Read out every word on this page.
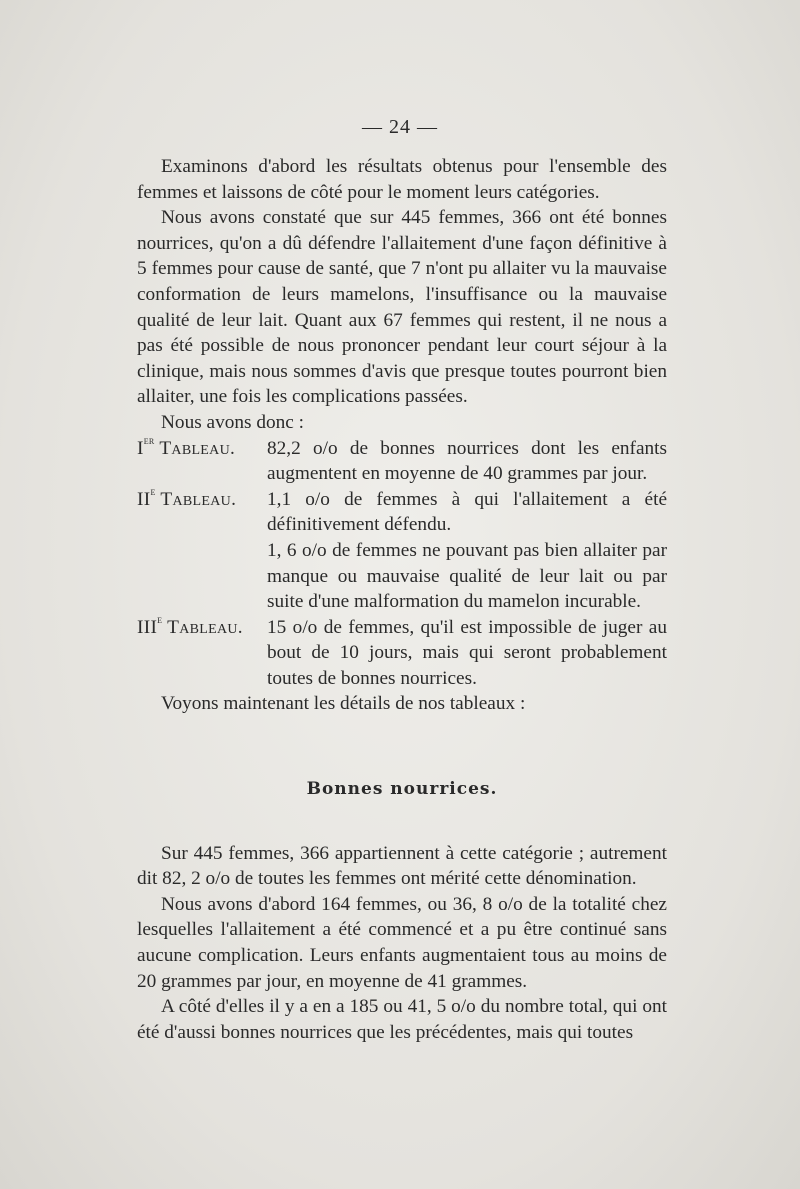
— 24 —
Examinons d'abord les résultats obtenus pour l'ensemble des femmes et laissons de côté pour le moment leurs catégories.
Nous avons constaté que sur 445 femmes, 366 ont été bonnes nourrices, qu'on a dû défendre l'allaitement d'une façon définitive à 5 femmes pour cause de santé, que 7 n'ont pu allaiter vu la mauvaise conformation de leurs mamelons, l'insuffisance ou la mauvaise qualité de leur lait. Quant aux 67 femmes qui restent, il ne nous a pas été possible de nous prononcer pendant leur court séjour à la clinique, mais nous sommes d'avis que presque toutes pourront bien allaiter, une fois les complications passées.
Nous avons donc :
Ier Tableau.	82,2 o/o de bonnes nourrices dont les enfants augmentent en moyenne de 40 grammes par jour.
IIe Tableau.	1,1 o/o de femmes à qui l'allaitement a été définitivement défendu.
1, 6 o/o de femmes ne pouvant pas bien allaiter par manque ou mauvaise qualité de leur lait ou par suite d'une malformation du mamelon incurable.
IIIe Tableau.	15 o/o de femmes, qu'il est impossible de juger au bout de 10 jours, mais qui seront probablement toutes de bonnes nourrices.
Voyons maintenant les détails de nos tableaux :
Bonnes nourrices.
Sur 445 femmes, 366 appartiennent à cette catégorie ; autrement dit 82, 2 o/o de toutes les femmes ont mérité cette dénomination.
Nous avons d'abord 164 femmes, ou 36, 8 o/o de la totalité chez lesquelles l'allaitement a été commencé et a pu être continué sans aucune complication. Leurs enfants augmentaient tous au moins de 20 grammes par jour, en moyenne de 41 grammes.
A côté d'elles il y a en a 185 ou 41, 5 o/o du nombre total, qui ont été d'aussi bonnes nourrices que les précédentes, mais qui toutes
